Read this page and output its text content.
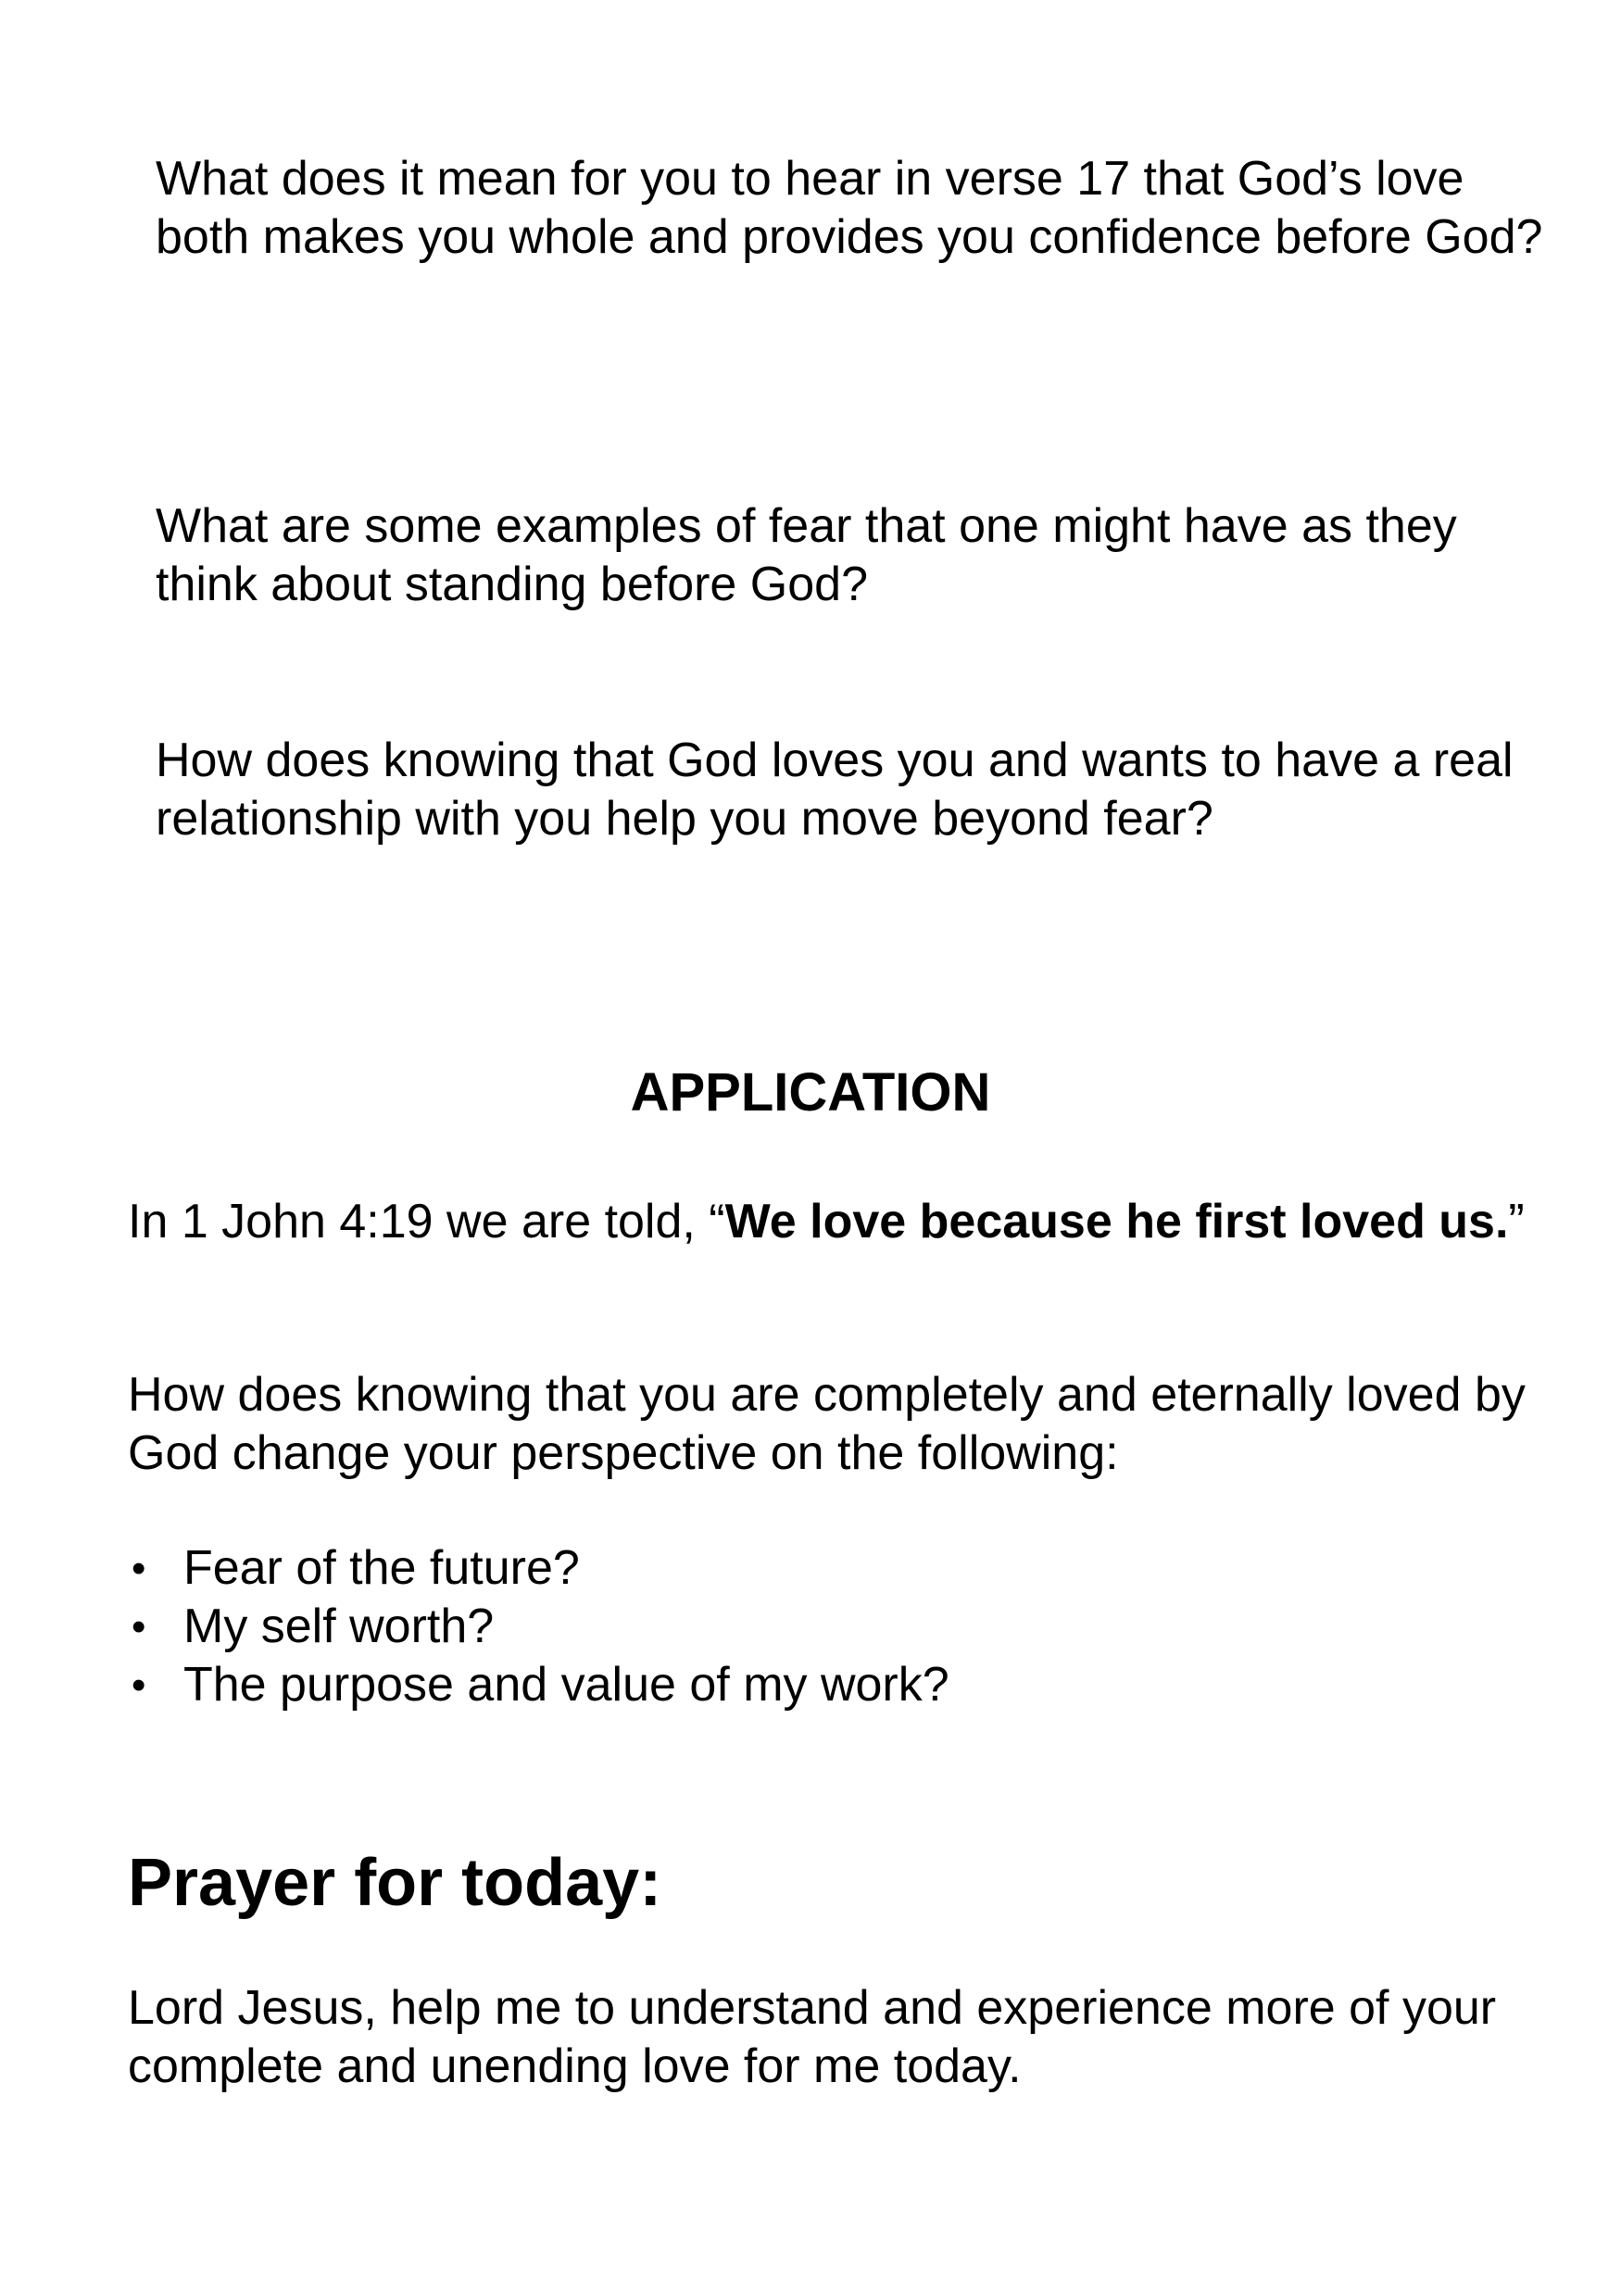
What does it mean for you to hear in verse 17 that God’s love both makes you whole and provides you confidence before God?

What are some examples of fear that one might have as they think about standing before God?

How does knowing that God loves you and wants to have a real relationship with you help you move beyond fear?

APPLICATION

In 1 John 4:19 we are told, “We love because he first loved us.”

How does knowing that you are completely and eternally loved by God change your perspective on the following:

• Fear of the future?
• My self worth?
• The purpose and value of my work?
Prayer for today:

Lord Jesus, help me to understand and experience more of your complete and unending love for me today.
